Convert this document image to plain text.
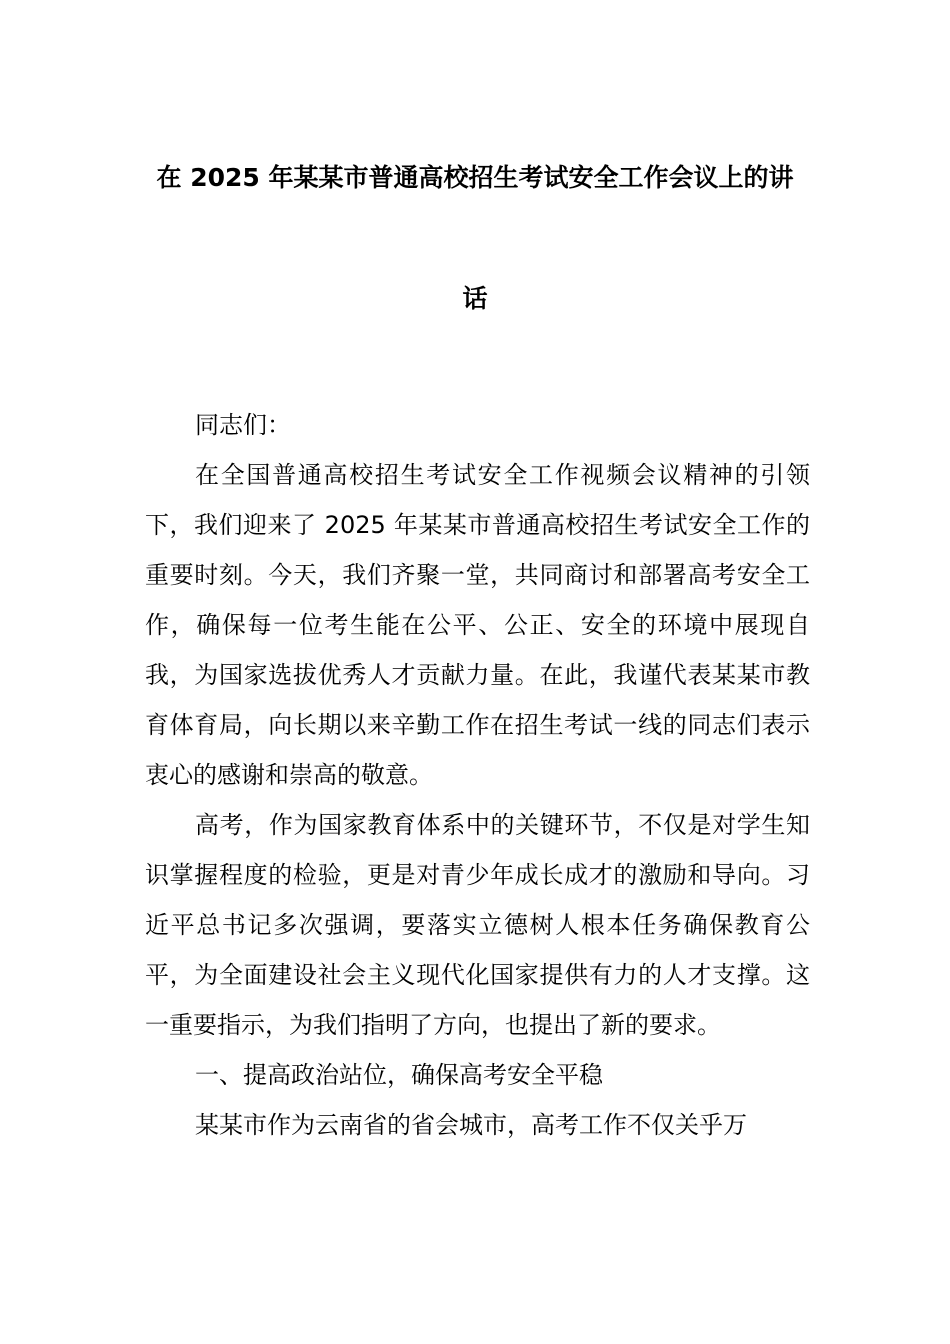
在 2025 年某某市普通高校招生考试安全工作会议上的讲
话

同志们：

在全国普通高校招生考试安全工作视频会议精神的引领下，我们迎来了 2025 年某某市普通高校招生考试安全工作的重要时刻。今天，我们齐聚一堂，共同商讨和部署高考安全工作，确保每一位考生能在公平、公正、安全的环境中展现自我，为国家选拔优秀人才贡献力量。在此，我谨代表某某市教育体育局，向长期以来辛勤工作在招生考试一线的同志们表示衷心的感谢和崇高的敬意。

高考，作为国家教育体系中的关键环节，不仅是对学生知识掌握程度的检验，更是对青少年成长成才的激励和导向。习近平总书记多次强调，要落实立德树人根本任务确保教育公平，为全面建设社会主义现代化国家提供有力的人才支撑。这一重要指示，为我们指明了方向，也提出了新的要求。

一、提高政治站位，确保高考安全平稳

某某市作为云南省的省会城市，高考工作不仅关乎万
